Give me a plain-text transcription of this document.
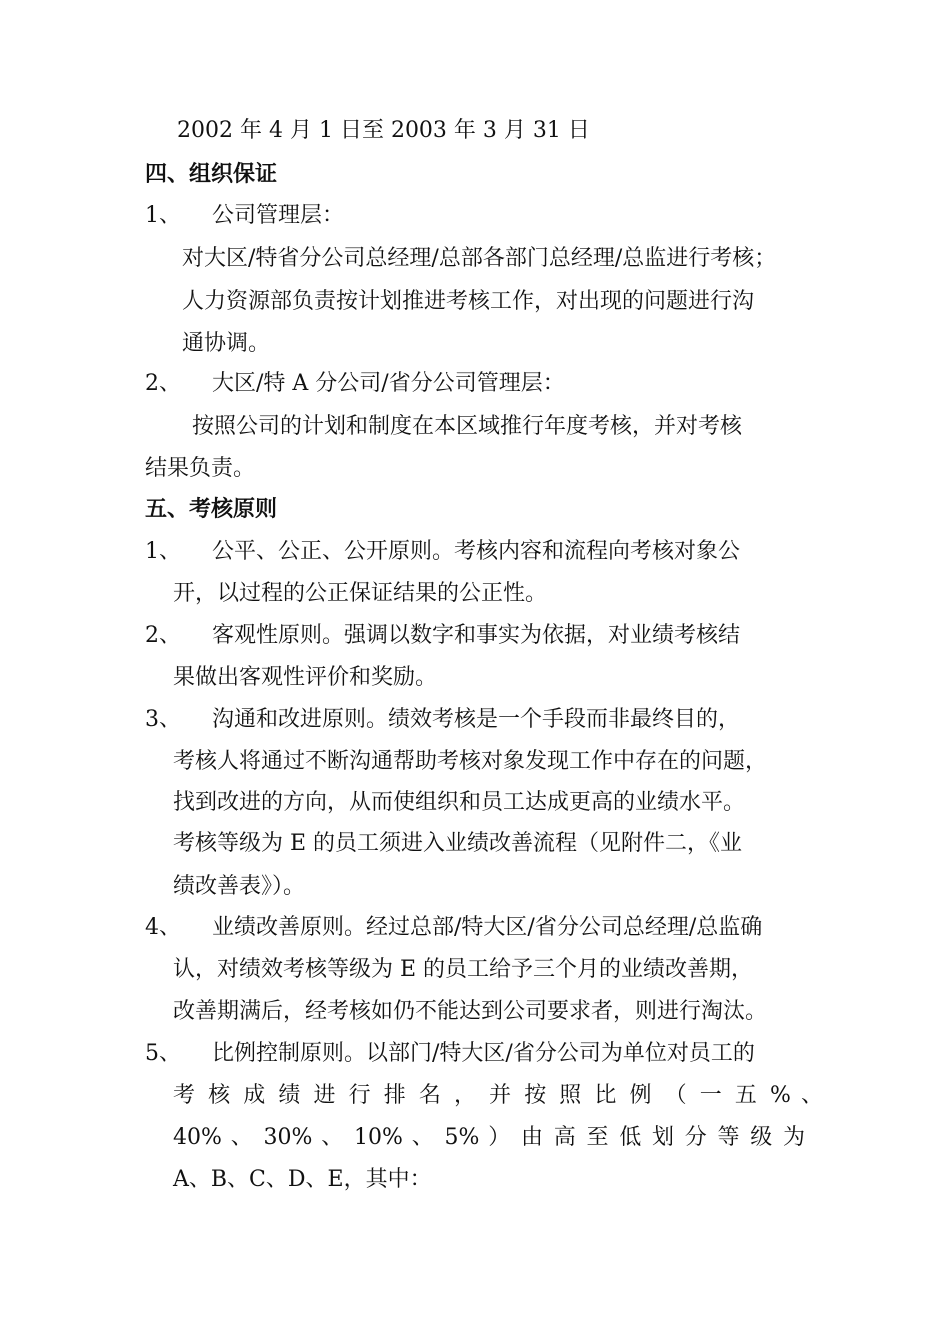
2002 年 4 月 1 日至 2003 年 3 月 31 日
四、组织保证
1、 公司管理层：
对大区/特省分公司总经理/总部各部门总经理/总监进行考核；
人力资源部负责按计划推进考核工作，对出现的问题进行沟
通协调。
2、 大区/特 A 分公司/省分公司管理层：
按照公司的计划和制度在本区域推行年度考核，并对考核
结果负责。
五、考核原则
1、 公平、公正、公开原则。考核内容和流程向考核对象公
开，以过程的公正保证结果的公正性。
2、 客观性原则。强调以数字和事实为依据，对业绩考核结
果做出客观性评价和奖励。
3、 沟通和改进原则。绩效考核是一个手段而非最终目的，
考核人将通过不断沟通帮助考核对象发现工作中存在的问题，
找到改进的方向，从而使组织和员工达成更高的业绩水平。
考核等级为 E 的员工须进入业绩改善流程（见附件二，《业
绩改善表》）。
4、 业绩改善原则。经过总部/特大区/省分公司总经理/总监确
认，对绩效考核等级为 E 的员工给予三个月的业绩改善期，
改善期满后，经考核如仍不能达到公司要求者，则进行淘汰。
5、 比例控制原则。以部门/特大区/省分公司为单位对员工的
考 核 成 绩 进 行 排 名 ， 并 按 照 比 例 （ 一 五 % 、
40% 、 30% 、 10% 、 5% ） 由 高 至 低 划 分 等 级 为
A、B、C、D、E，其中：
